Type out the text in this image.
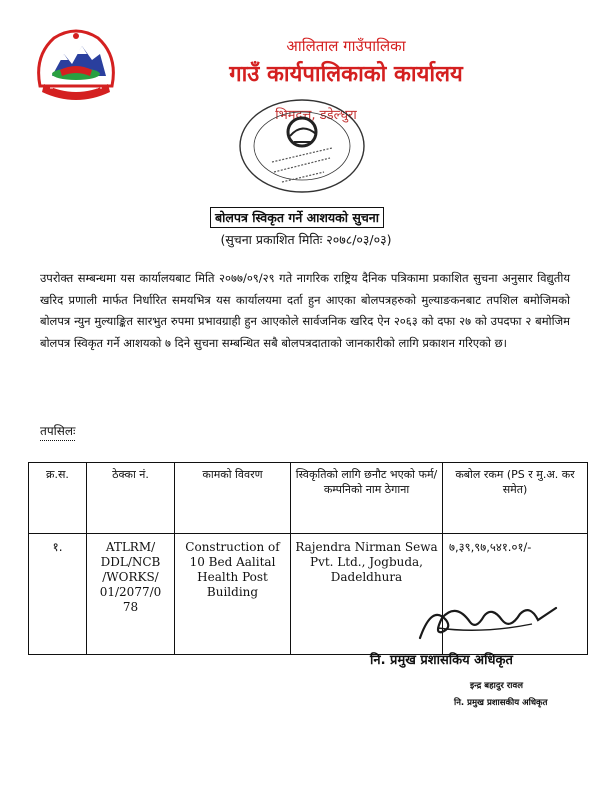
आलिताल गाउँपालिका
गाउँ कार्यपालिकाको कार्यालय
भिमदत्त, डडेल्धुरा
बोलपत्र स्विकृत गर्ने आशयको सुचना
(सुचना प्रकाशित मितिः २०७८/०३/०३)
उपरोक्त सम्बन्धमा यस कार्यालयबाट मिति २०७७/०९/२९ गते नागरिक राष्ट्रिय दैनिक पत्रिकामा प्रकाशित सुचना अनुसार विद्युतीय खरिद प्रणाली मार्फत निर्धारित समयभित्र यस कार्यालयमा दर्ता हुन आएका बोलपत्रहरुको मुल्याङकनबाट तपशिल बमोजिमको बोलपत्र न्युन मुल्याङ्कित सारभुत रुपमा प्रभावग्राही हुन आएकोले सार्वजनिक खरिद ऐन २०६३ को दफा २७ को उपदफा २ बमोजिम बोलपत्र स्विकृत गर्ने आशयको ७ दिने सुचना सम्बन्धित सबै बोलपत्रदाताको जानकारीको लागि प्रकाशन गरिएको छ।
तपसिलः
क्र.स.	ठेक्का नं.	कामको विवरण	स्विकृतिको लागि छनौट भएको फर्म/कम्पनिको नाम ठेगाना	कबोल रकम (PS र मु.अ. कर समेत)
१.	ATLRM/ DDL/NCB /WORKS/ 01/2077/0 78	Construction of 10 Bed Aalital Health Post Building	Rajendra Nirman Sewa Pvt. Ltd., Jogbuda, Dadeldhura	७,३९,९७,५४१.०१/-
नि. प्रमुख प्रशासकिय अधिकृत
इन्द्र बहादुर रावल
नि. प्रमुख प्रशासकीय अधिकृत
